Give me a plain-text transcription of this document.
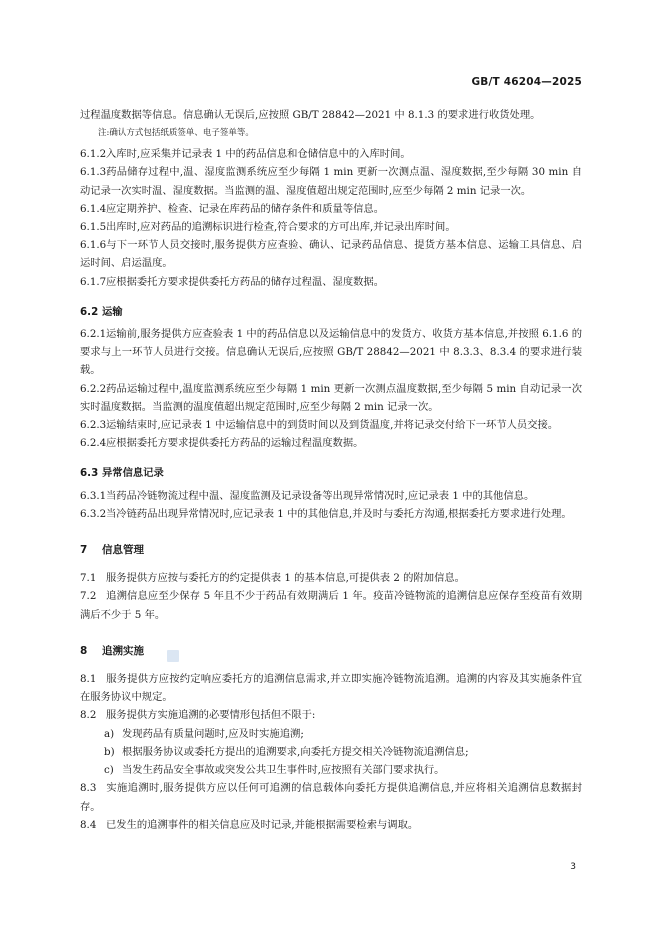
GB/T 46204—2025

过程温度数据等信息。信息确认无误后,应按照 GB/T 28842—2021 中 8.1.3 的要求进行收货处理。

注:确认方式包括纸质签单、电子签单等。

6.1.2入库时,应采集并记录表 1 中的药品信息和仓储信息中的入库时间。

6.1.3药品储存过程中,温、湿度监测系统应至少每隔 1 min 更新一次测点温、湿度数据,至少每隔 30 min 自动记录一次实时温、湿度数据。当监测的温、湿度值超出规定范围时,应至少每隔 2 min 记录一次。

6.1.4应定期养护、检查、记录在库药品的储存条件和质量等信息。

6.1.5出库时,应对药品的追溯标识进行检查,符合要求的方可出库,并记录出库时间。

6.1.6与下一环节人员交接时,服务提供方应查验、确认、记录药品信息、提货方基本信息、运输工具信息、启运时间、启运温度。

6.1.7应根据委托方要求提供委托方药品的储存过程温、湿度数据。

6.2 运输

6.2.1运输前,服务提供方应查验表 1 中的药品信息以及运输信息中的发货方、收货方基本信息,并按照 6.1.6 的要求与上一环节人员进行交接。信息确认无误后,应按照 GB/T 28842—2021 中 8.3.3、8.3.4 的要求进行装载。

6.2.2药品运输过程中,温度监测系统应至少每隔 1 min 更新一次测点温度数据,至少每隔 5 min 自动记录一次实时温度数据。当监测的温度值超出规定范围时,应至少每隔 2 min 记录一次。

6.2.3运输结束时,应记录表 1 中运输信息中的到货时间以及到货温度,并将记录交付给下一环节人员交接。

6.2.4应根据委托方要求提供委托方药品的运输过程温度数据。

6.3 异常信息记录

6.3.1当药品冷链物流过程中温、湿度监测及记录设备等出现异常情况时,应记录表 1 中的其他信息。

6.3.2当冷链药品出现异常情况时,应记录表 1 中的其他信息,并及时与委托方沟通,根据委托方要求进行处理。

7 信息管理

7.1 服务提供方应按与委托方的约定提供表 1 的基本信息,可提供表 2 的附加信息。

7.2 追溯信息应至少保存 5 年且不少于药品有效期满后 1 年。疫苗冷链物流的追溯信息应保存至疫苗有效期满后不少于 5 年。

8 追溯实施

8.1 服务提供方应按约定响应委托方的追溯信息需求,并立即实施冷链物流追溯。追溯的内容及其实施条件宜在服务协议中规定。

8.2 服务提供方实施追溯的必要情形包括但不限于:

a) 发现药品有质量问题时,应及时实施追溯;

b) 根据服务协议或委托方提出的追溯要求,向委托方提交相关冷链物流追溯信息;

c) 当发生药品安全事故或突发公共卫生事件时,应按照有关部门要求执行。

8.3 实施追溯时,服务提供方应以任何可追溯的信息载体向委托方提供追溯信息,并应将相关追溯信息数据封存。

8.4 已发生的追溯事件的相关信息应及时记录,并能根据需要检索与调取。

3
